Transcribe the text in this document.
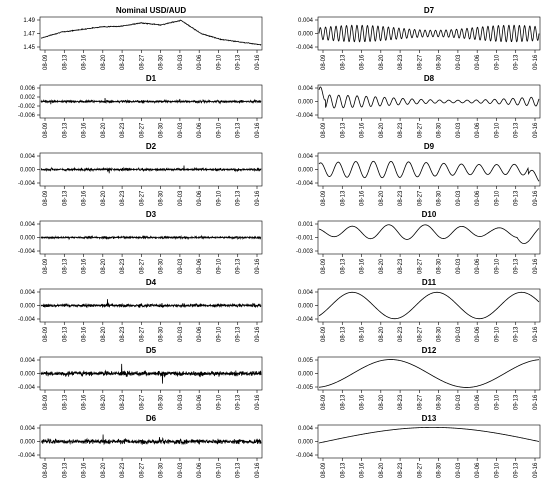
Nominal USD/AUD
1.49
1.47
1.45
08-09 08-13 08-16 08-20 08-23 08-27 08-30 09-03 09-06 09-10 09-13 09-16
D7
0.004
0.000
-0.004
08-09 08-13 08-16 08-20 08-23 08-27 08-30 09-03 09-06 09-10 09-13 09-16
D1
0.006
0.002
-0.002
-0.006
08-09 08-13 08-16 08-20 08-23 08-27 08-30 09-03 09-06 09-10 09-13 09-16
D8
0.004
0.000
-0.004
08-09 08-13 08-16 08-20 08-23 08-27 08-30 09-03 09-06 09-10 09-13 09-16
D2
0.004
0.000
-0.004
08-09 08-13 08-16 08-20 08-23 08-27 08-30 09-03 09-06 09-10 09-13 09-16
D9
0.004
0.000
-0.004
08-09 08-13 08-16 08-20 08-23 08-27 08-30 09-03 09-06 09-10 09-13 09-16
D3
0.004
0.000
-0.004
08-09 08-13 08-16 08-20 08-23 08-27 08-30 09-03 09-06 09-10 09-13 09-16
D10
0.001
-0.001
-0.003
08-09 08-13 08-16 08-20 08-23 08-27 08-30 09-03 09-06 09-10 09-13 09-16
D4
0.004
0.000
-0.004
08-09 08-13 08-16 08-20 08-23 08-27 08-30 09-03 09-06 09-10 09-13 09-16
D11
0.004
0.000
-0.004
08-09 08-13 08-16 08-20 08-23 08-27 08-30 09-03 09-06 09-10 09-13 09-16
D5
0.004
0.000
-0.004
08-09 08-13 08-16 08-20 08-23 08-27 08-30 09-03 09-06 09-10 09-13 09-16
D12
0.005
0.000
-0.005
08-09 08-13 08-16 08-20 08-23 08-27 08-30 09-03 09-06 09-10 09-13 09-16
D6
0.004
0.000
-0.004
08-09 08-13 08-16 08-20 08-23 08-27 08-30 09-03 09-06 09-10 09-13 09-16
D13
0.004
0.000
-0.004
08-09 08-13 08-16 08-20 08-23 08-27 08-30 09-03 09-06 09-10 09-13 09-16
